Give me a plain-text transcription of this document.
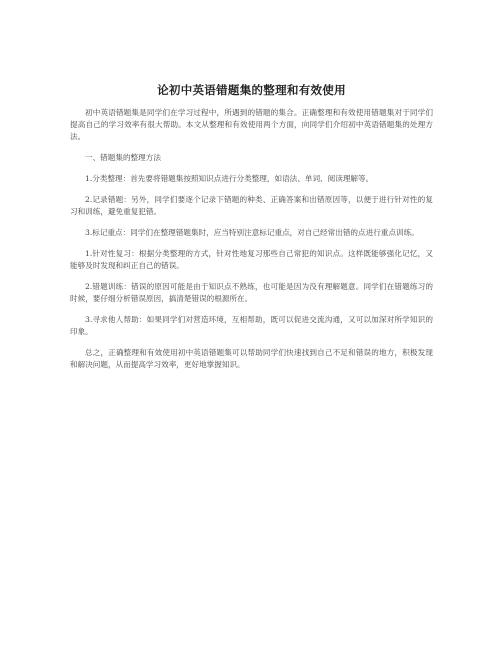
论初中英语错题集的整理和有效使用

初中英语错题集是同学们在学习过程中，所遇到的错题的集合。正确整理和有效使用错题集对于同学们提高自己的学习效率有很大帮助。本文从整理和有效使用两个方面，向同学们介绍初中英语错题集的处理方法。

一、错题集的整理方法

1.分类整理：首先要将错题集按照知识点进行分类整理，如语法、单词、阅读理解等。

2.记录错题：另外，同学们要逐个记录下错题的种类、正确答案和出错原因等，以便于进行针对性的复习和训练，避免重复犯错。

3.标记重点：同学们在整理错题集时，应当特别注意标记重点，对自己经常出错的点进行重点训练。

1.针对性复习：根据分类整理的方式，针对性地复习那些自己常犯的知识点。这样既能够强化记忆，又能够及时发现和纠正自己的错误。

2.错题训练：错误的原因可能是由于知识点不熟练，也可能是因为没有理解题意。同学们在错题练习的时候，要仔细分析错误原因，搞清楚错误的根源所在。

3.寻求他人帮助：如果同学们对营造环境，互相帮助，既可以促进交流沟通，又可以加深对所学知识的印象。

总之，正确整理和有效使用初中英语错题集可以帮助同学们快速找到自己不足和错误的地方，积极发现和解决问题，从而提高学习效率，更好地掌握知识。
